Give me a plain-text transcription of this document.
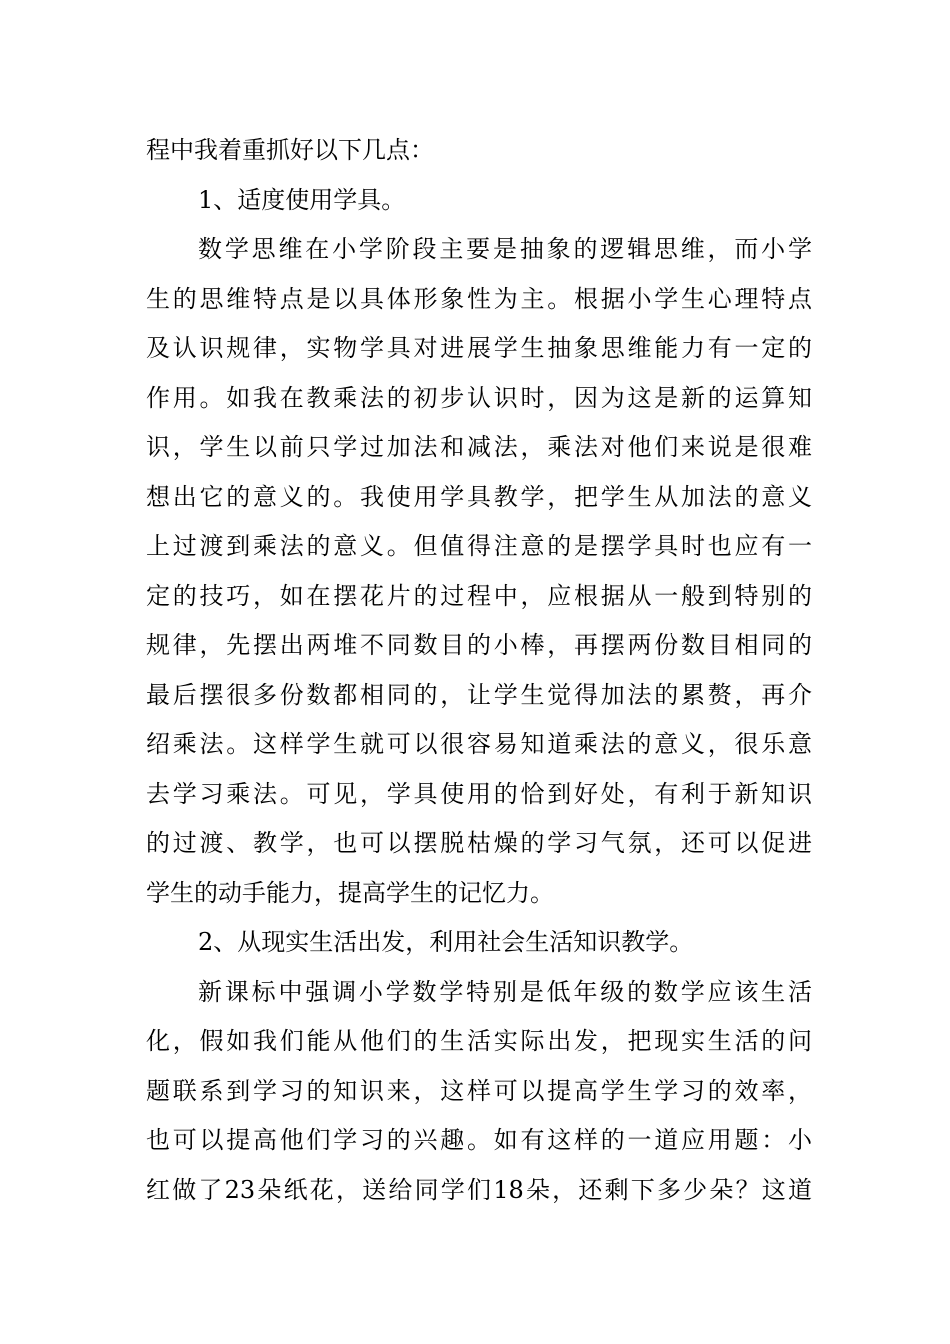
程中我着重抓好以下几点：
1、适度使用学具。
数学思维在小学阶段主要是抽象的逻辑思维，而小学
生的思维特点是以具体形象性为主。根据小学生心理特点
及认识规律，实物学具对进展学生抽象思维能力有一定的
作用。如我在教乘法的初步认识时，因为这是新的运算知
识，学生以前只学过加法和减法，乘法对他们来说是很难
想出它的意义的。我使用学具教学，把学生从加法的意义
上过渡到乘法的意义。但值得注意的是摆学具时也应有一
定的技巧，如在摆花片的过程中，应根据从一般到特别的
规律，先摆出两堆不同数目的小棒，再摆两份数目相同的
最后摆很多份数都相同的，让学生觉得加法的累赘，再介
绍乘法。这样学生就可以很容易知道乘法的意义，很乐意
去学习乘法。可见，学具使用的恰到好处，有利于新知识
的过渡、教学，也可以摆脱枯燥的学习气氛，还可以促进
学生的动手能力，提高学生的记忆力。
2、从现实生活出发，利用社会生活知识教学。
新课标中强调小学数学特别是低年级的数学应该生活
化，假如我们能从他们的生活实际出发，把现实生活的问
题联系到学习的知识来，这样可以提高学生学习的效率，
也可以提高他们学习的兴趣。如有这样的一道应用题：小
红做了23朵纸花，送给同学们18朵，还剩下多少朵？这道
